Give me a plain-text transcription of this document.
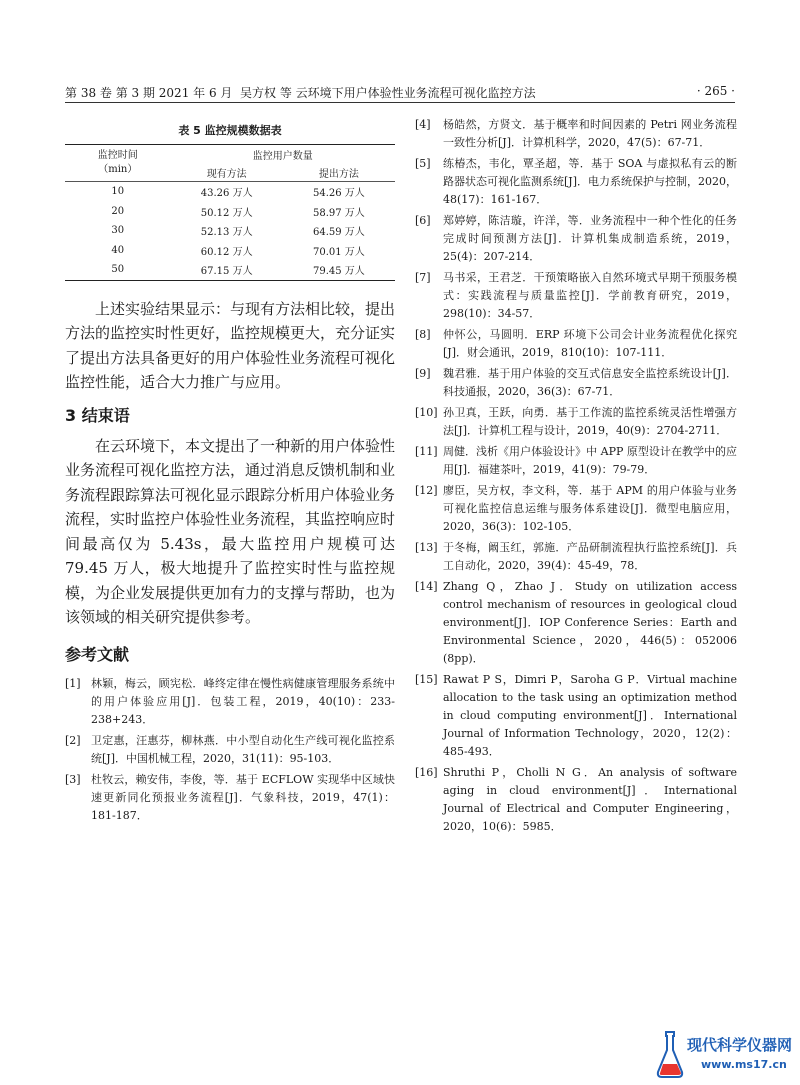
第 38 卷 第 3 期 2021 年 6 月 吴方权 等 云环境下用户体验性业务流程可视化监控方法	· 265 ·
表 5 监控规模数据表
监控时间
（min）	监控用户数量	
	现有方法	提出方法
10	43.26 万人	54.26 万人
20	50.12 万人	58.97 万人
30	52.13 万人	64.59 万人
40	60.12 万人	70.01 万人
50	67.15 万人	79.45 万人

上述实验结果显示：与现有方法相比较，提出方法的监控实时性更好，监控规模更大，充分证实了提出方法具备更好的用户体验性业务流程可视化监控性能，适合大力推广与应用。

3 结束语

在云环境下，本文提出了一种新的用户体验性业务流程可视化监控方法，通过消息反馈机制和业务流程跟踪算法可视化显示跟踪分析用户体验业务流程，实时监控户体验性业务流程，其监控响应时间最高仅为 5.43s，最大监控用户规模可达 79.45 万人，极大地提升了监控实时性与监控规模，为企业发展提供更加有力的支撑与帮助，也为该领域的相关研究提供参考。

参考文献
[1] 林颖，梅云，顾宪松．峰终定律在慢性病健康管理服务系统中的用户体验应用[J]．包装工程，2019，40(10)：233-238+243．
[2] 卫定惠，汪惠芬，柳林燕．中小型自动化生产线可视化监控系统[J]．中国机械工程，2020，31(11)：95-103．
[3] 杜牧云，赖安伟，李俊，等．基于 ECFLOW 实现华中区域快速更新同化预报业务流程[J]．气象科技，2019，47(1)：181-187．
[4] 杨皓然，方贤文．基于概率和时间因素的 Petri 网业务流程一致性分析[J]．计算机科学，2020，47(5)：67-71．
[5] 练椿杰，韦化，覃圣超，等．基于 SOA 与虚拟私有云的断路器状态可视化监测系统[J]．电力系统保护与控制，2020，48(17)：161-167．
[6] 郑婷婷，陈洁璇，许洋，等．业务流程中一种个性化的任务完成时间预测方法[J]．计算机集成制造系统，2019，25(4)：207-214．
[7] 马书采，王君芝．干预策略嵌入自然环境式早期干预服务模式：实践流程与质量监控[J]．学前教育研究，2019，298(10)：34-57．
[8] 仲怀公，马圆明．ERP 环境下公司会计业务流程优化探究[J]．财会通讯，2019，810(10)：107-111．
[9] 魏君雅．基于用户体验的交互式信息安全监控系统设计[J]．科技通报，2020，36(3)：67-71．
[10] 孙卫真，王跃，向勇．基于工作流的监控系统灵活性增强方法[J]．计算机工程与设计，2019，40(9)：2704-2711．
[11] 周健．浅析《用户体验设计》中 APP 原型设计在教学中的应用[J]．福建茶叶，2019，41(9)：79-79．
[12] 廖臣，吴方权，李文科，等．基于 APM 的用户体验与业务可视化监控信息运维与服务体系建设[J]．微型电脑应用，2020，36(3)：102-105．
[13] 于冬梅，阚玉红，郭施．产品研制流程执行监控系统[J]．兵工自动化，2020，39(4)：45-49，78．
[14] Zhang Q，Zhao J．Study on utilization access control mechanism of resources in geological cloud environment[J]．IOP Conference Series：Earth and Environmental Science，2020，446(5)：052006 (8pp)．
[15] Rawat P S，Dimri P，Saroha G P．Virtual machine allocation to the task using an optimization method in cloud computing environment[J]．International Journal of Information Technology，2020，12(2)：485-493．
[16] Shruthi P，Cholli N G．An analysis of software aging in cloud environment[J]．International Journal of Electrical and Computer Engineering，2020，10(6)：5985．
现代科学仪器网
www.ms17.cn
